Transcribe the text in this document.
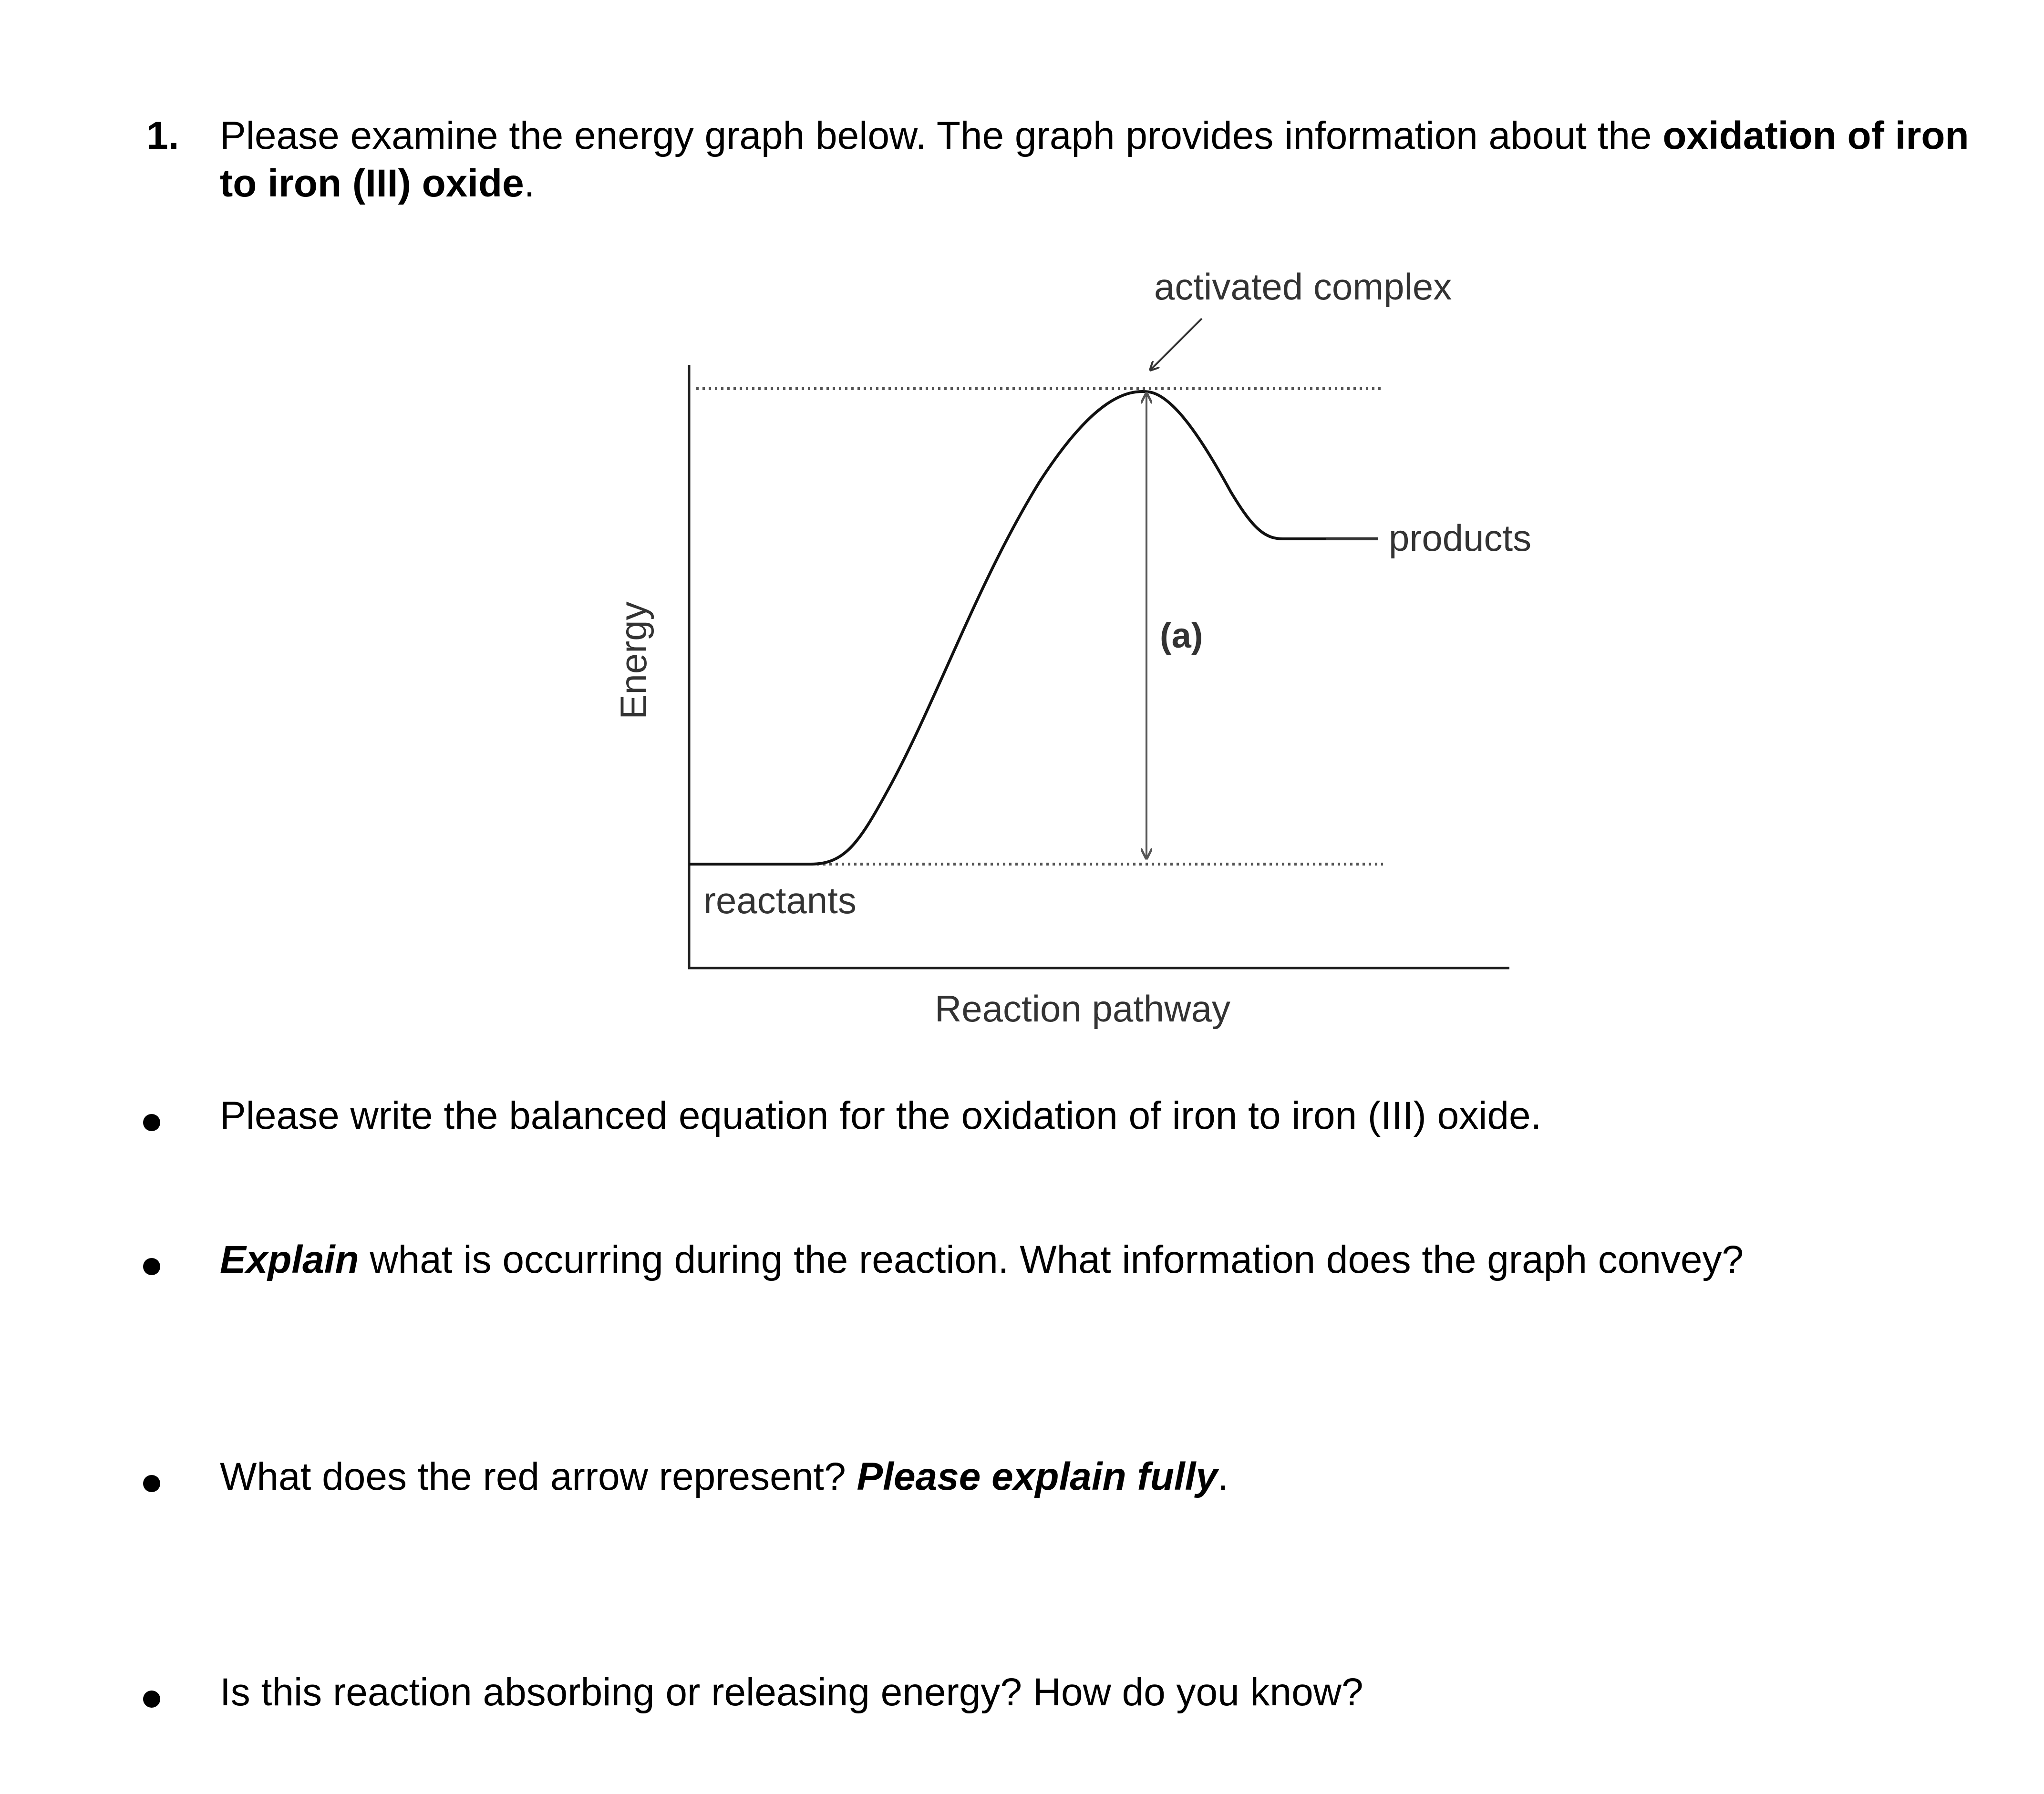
1. Please examine the energy graph below. The graph provides information about the oxidation of iron to iron (III) oxide.
(a)
activated complex
products
reactants
Energy
Reaction pathway
Please write the balanced equation for the oxidation of iron to iron (III) oxide.
Explain what is occurring during the reaction. What information does the graph convey?
What does the red arrow represent? Please explain fully.
Is this reaction absorbing or releasing energy? How do you know?
